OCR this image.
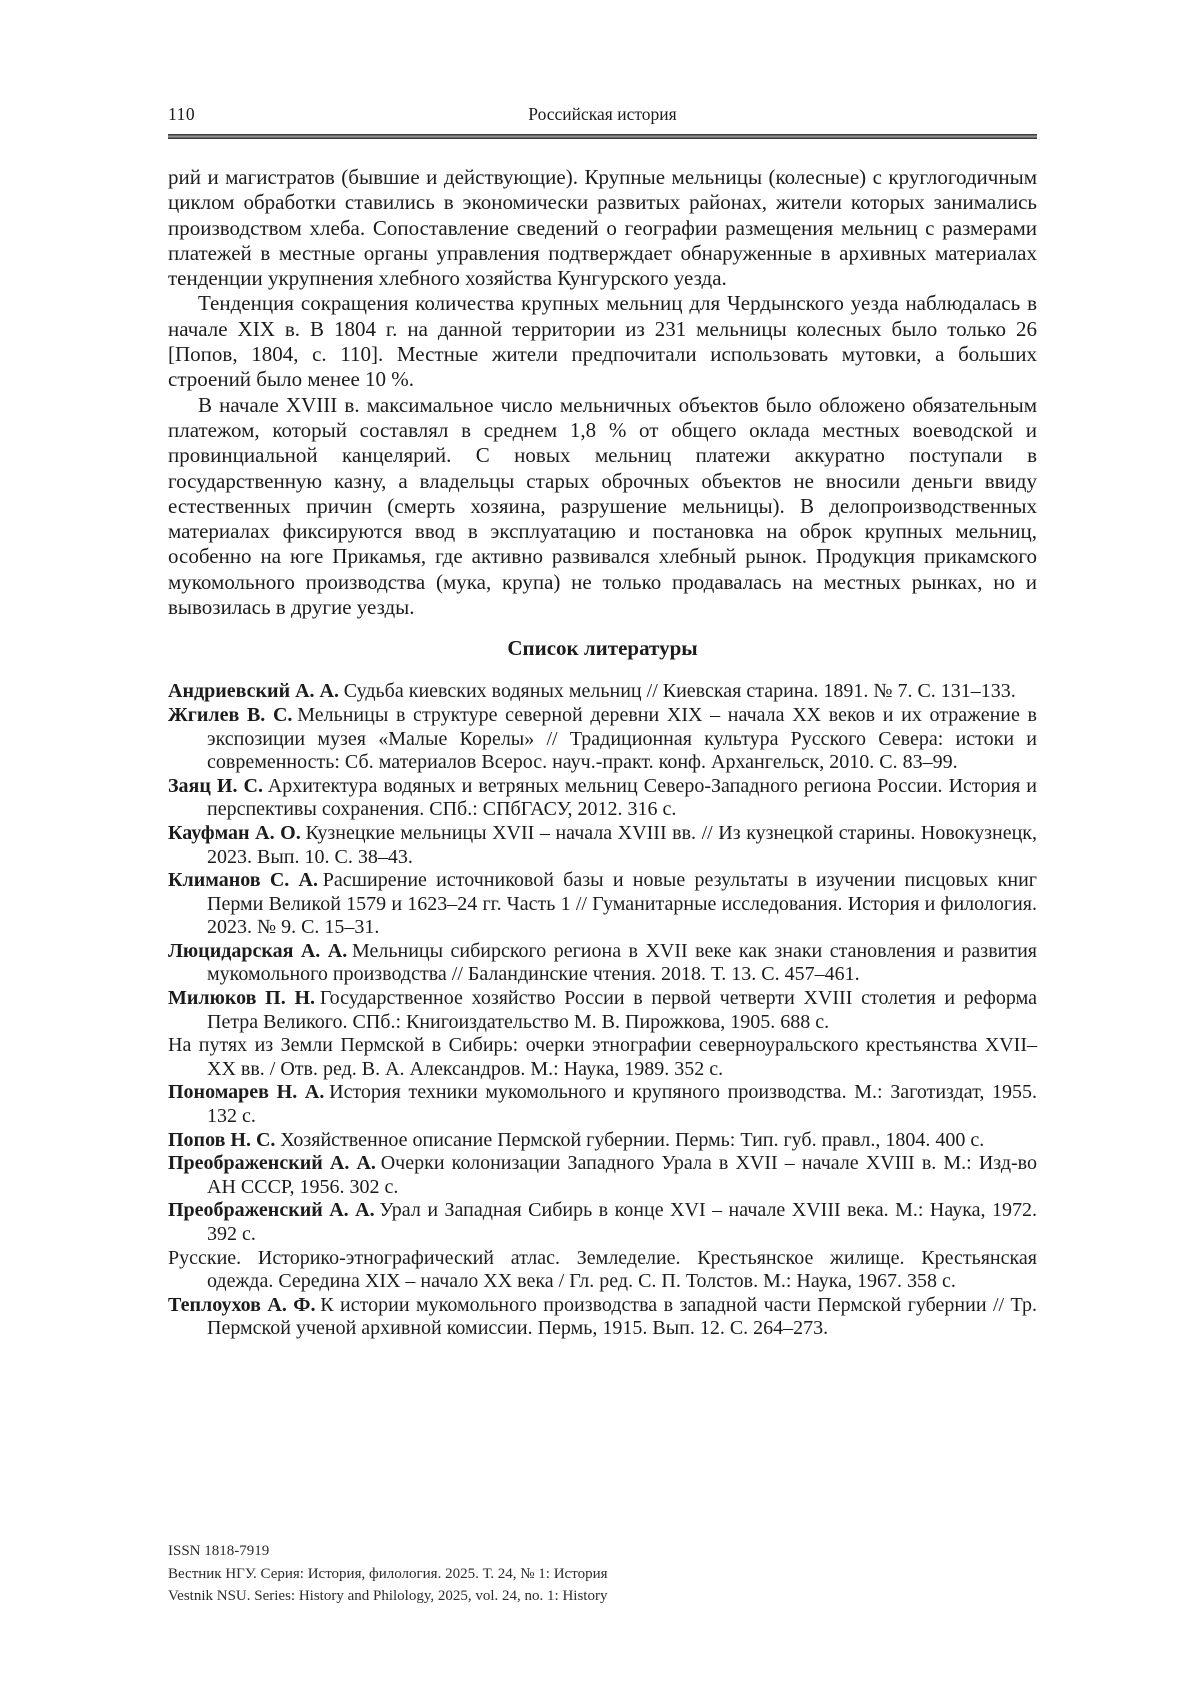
110	Российская история

рий и магистратов (бывшие и действующие). Крупные мельницы (колесные) с круглогодичным циклом обработки ставились в экономически развитых районах, жители которых занимались производством хлеба. Сопоставление сведений о географии размещения мельниц с размерами платежей в местные органы управления подтверждает обнаруженные в архивных материалах тенденции укрупнения хлебного хозяйства Кунгурского уезда.

Тенденция сокращения количества крупных мельниц для Чердынского уезда наблюдалась в начале XIX в. В 1804 г. на данной территории из 231 мельницы колесных было только 26 [Попов, 1804, с. 110]. Местные жители предпочитали использовать мутовки, а больших строений было менее 10 %.

В начале XVIII в. максимальное число мельничных объектов было обложено обязательным платежом, который составлял в среднем 1,8 % от общего оклада местных воеводской и провинциальной канцелярий. С новых мельниц платежи аккуратно поступали в государственную казну, а владельцы старых оброчных объектов не вносили деньги ввиду естественных причин (смерть хозяина, разрушение мельницы). В делопроизводственных материалах фиксируются ввод в эксплуатацию и постановка на оброк крупных мельниц, особенно на юге Прикамья, где активно развивался хлебный рынок. Продукция прикамского мукомольного производства (мука, крупа) не только продавалась на местных рынках, но и вывозилась в другие уезды.

Список литературы

Андриевский А. А. Судьба киевских водяных мельниц // Киевская старина. 1891. № 7. С. 131–133.

Жгилев В. С. Мельницы в структуре северной деревни XIX – начала XX веков и их отражение в экспозиции музея «Малые Корелы» // Традиционная культура Русского Севера: истоки и современность: Сб. материалов Всерос. науч.-практ. конф. Архангельск, 2010. С. 83–99.

Заяц И. С. Архитектура водяных и ветряных мельниц Северо-Западного региона России. История и перспективы сохранения. СПб.: СПбГАСУ, 2012. 316 с.

Кауфман А. О. Кузнецкие мельницы XVII – начала XVIII вв. // Из кузнецкой старины. Новокузнецк, 2023. Вып. 10. С. 38–43.

Климанов С. А. Расширение источниковой базы и новые результаты в изучении писцовых книг Перми Великой 1579 и 1623–24 гг. Часть 1 // Гуманитарные исследования. История и филология. 2023. № 9. С. 15–31.

Люцидарская А. А. Мельницы сибирского региона в XVII веке как знаки становления и развития мукомольного производства // Баландинские чтения. 2018. Т. 13. С. 457–461.

Милюков П. Н. Государственное хозяйство России в первой четверти XVIII столетия и реформа Петра Великого. СПб.: Книгоиздательство М. В. Пирожкова, 1905. 688 с.

На путях из Земли Пермской в Сибирь: очерки этнографии северноуральского крестьянства XVII–XX вв. / Отв. ред. В. А. Александров. М.: Наука, 1989. 352 с.

Пономарев Н. А. История техники мукомольного и крупяного производства. М.: Заготиздат, 1955. 132 с.

Попов Н. С. Хозяйственное описание Пермской губернии. Пермь: Тип. губ. правл., 1804. 400 с.

Преображенский А. А. Очерки колонизации Западного Урала в XVII – начале XVIII в. М.: Изд-во АН СССР, 1956. 302 с.

Преображенский А. А. Урал и Западная Сибирь в конце XVI – начале XVIII века. М.: Наука, 1972. 392 с.

Русские. Историко-этнографический атлас. Земледелие. Крестьянское жилище. Крестьянская одежда. Середина XIX – начало XX века / Гл. ред. С. П. Толстов. М.: Наука, 1967. 358 с.

Теплоухов А. Ф. К истории мукомольного производства в западной части Пермской губернии // Тр. Пермской ученой архивной комиссии. Пермь, 1915. Вып. 12. С. 264–273.

ISSN 1818-7919
Вестник НГУ. Серия: История, филология. 2025. Т. 24, № 1: История
Vestnik NSU. Series: History and Philology, 2025, vol. 24, no. 1: History
